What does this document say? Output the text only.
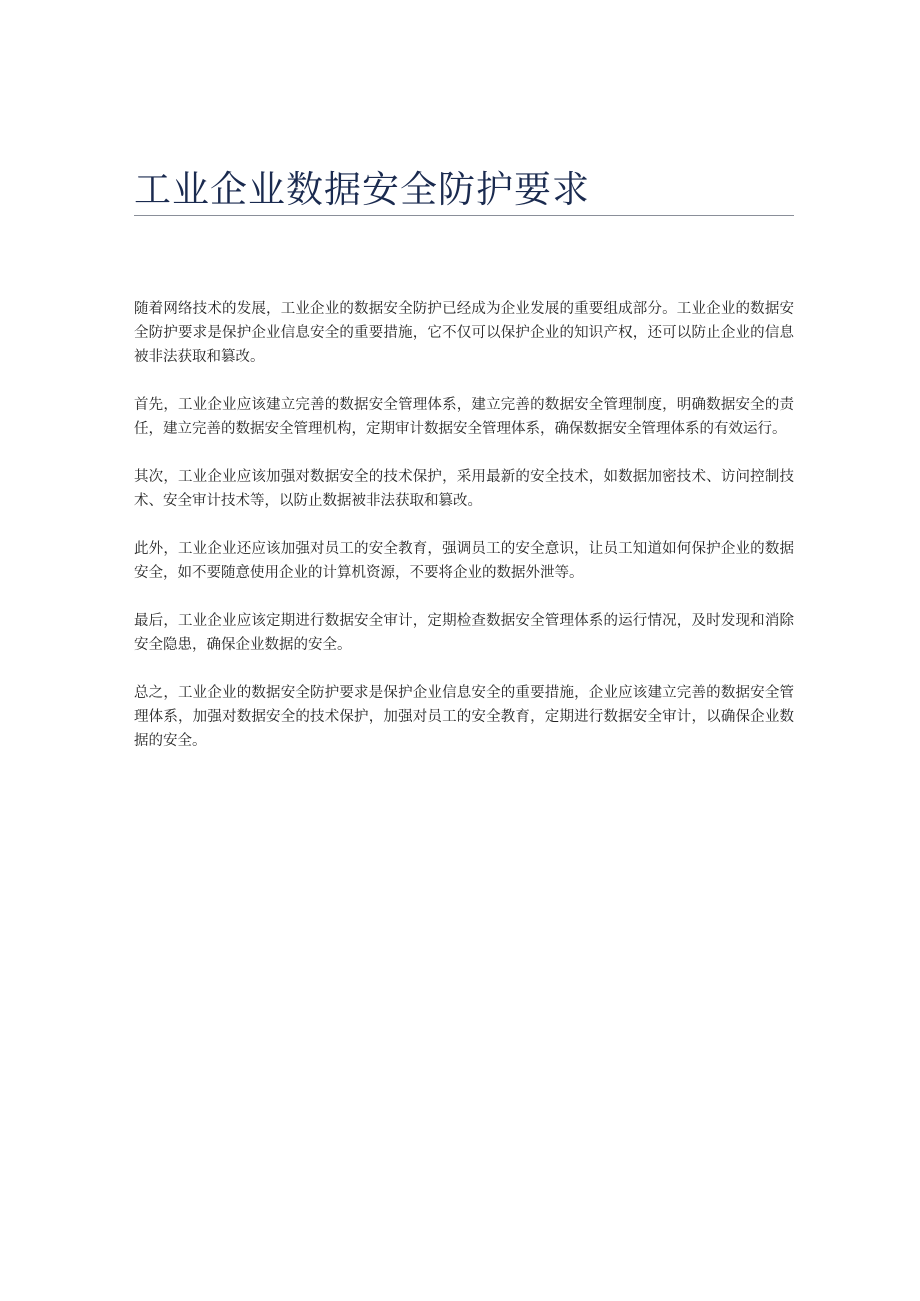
工业企业数据安全防护要求

随着网络技术的发展，工业企业的数据安全防护已经成为企业发展的重要组成部分。工业企业的数据安全防护要求是保护企业信息安全的重要措施，它不仅可以保护企业的知识产权，还可以防止企业的信息被非法获取和篡改。

首先，工业企业应该建立完善的数据安全管理体系，建立完善的数据安全管理制度，明确数据安全的责任，建立完善的数据安全管理机构，定期审计数据安全管理体系，确保数据安全管理体系的有效运行。

其次，工业企业应该加强对数据安全的技术保护，采用最新的安全技术，如数据加密技术、访问控制技术、安全审计技术等，以防止数据被非法获取和篡改。

此外，工业企业还应该加强对员工的安全教育，强调员工的安全意识，让员工知道如何保护企业的数据安全，如不要随意使用企业的计算机资源，不要将企业的数据外泄等。

最后，工业企业应该定期进行数据安全审计，定期检查数据安全管理体系的运行情况，及时发现和消除安全隐患，确保企业数据的安全。

总之，工业企业的数据安全防护要求是保护企业信息安全的重要措施，企业应该建立完善的数据安全管理体系，加强对数据安全的技术保护，加强对员工的安全教育，定期进行数据安全审计，以确保企业数据的安全。
